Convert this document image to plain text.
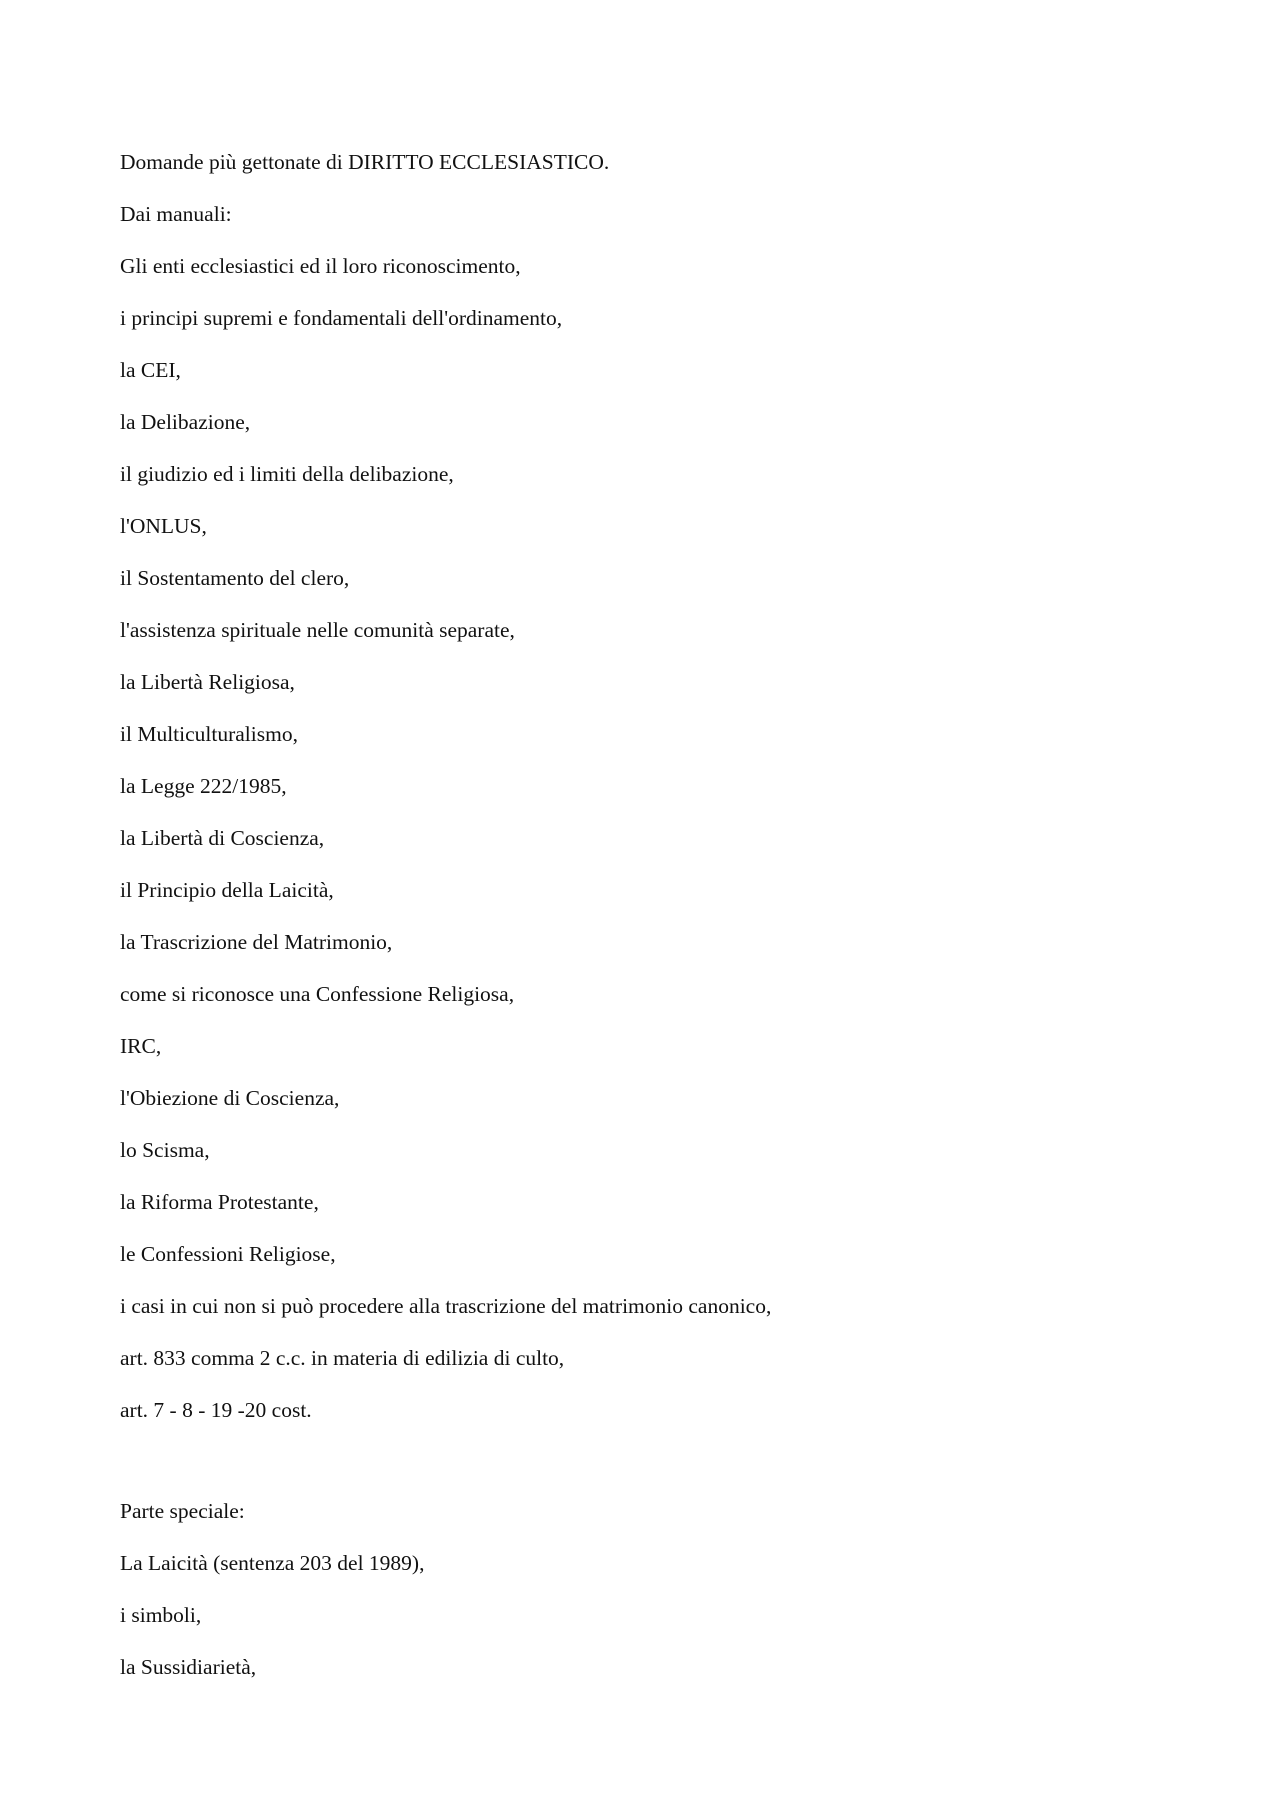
Domande più gettonate di DIRITTO ECCLESIASTICO.
Dai manuali:
Gli enti ecclesiastici ed il loro riconoscimento,
i principi supremi e fondamentali dell'ordinamento,
la CEI,
la Delibazione,
il giudizio ed i limiti della delibazione,
l'ONLUS,
il Sostentamento del clero,
l'assistenza spirituale nelle comunità separate,
la Libertà Religiosa,
il Multiculturalismo,
la Legge 222/1985,
la Libertà di Coscienza,
il Principio della Laicità,
la Trascrizione del Matrimonio,
come si riconosce una Confessione Religiosa,
IRC,
l'Obiezione di Coscienza,
lo Scisma,
la Riforma Protestante,
le Confessioni Religiose,
i casi in cui non si può procedere alla trascrizione del matrimonio canonico,
art. 833 comma 2 c.c. in materia di edilizia di culto,
art. 7 - 8 - 19 -20 cost.
Parte speciale:
La Laicità (sentenza 203 del 1989),
i simboli,
la Sussidiarietà,
